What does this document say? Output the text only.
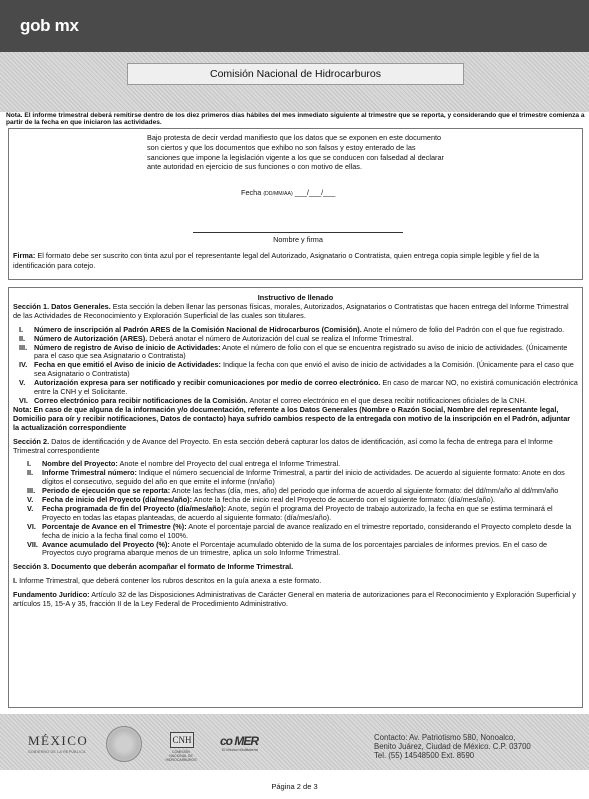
gob mx
Comisión Nacional de Hidrocarburos
Nota. El informe trimestral deberá remitirse dentro de los diez primeros días hábiles del mes inmediato siguiente al trimestre que se reporta, y considerando que el trimestre comienza a partir de la fecha en que iniciaron las actividades.
Bajo protesta de decir verdad manifiesto que los datos que se exponen en este documento son ciertos y que los documentos que exhibo no son falsos y estoy enterado de las sanciones que impone la legislación vigente a los que se conducen con falsedad al declarar ante autoridad en ejercicio de sus funciones o con motivo de ellas.
Fecha (DD/MM/AA) ___/___/___
Nombre y firma
Firma: El formato debe ser suscrito con tinta azul por el representante legal del Autorizado, Asignatario o Contratista, quien entrega copia simple legible y fiel de la identificación para cotejo.

Instructivo de llenado

Sección 1. Datos Generales. Esta sección la deben llenar las personas físicas, morales, Autorizados, Asignatarios o Contratistas que hacen entrega del Informe Trimestral de las Actividades de Reconocimiento y Exploración Superficial de las cuales son titulares.

I.	Número de inscripción al Padrón ARES de la Comisión Nacional de Hidrocarburos (Comisión). Anote el número de folio del Padrón con el que fue registrado.
II.	Número de Autorización (ARES). Deberá anotar el número de Autorización del cual se realiza el Informe Trimestral.
III. Número de registro de Aviso de inicio de Actividades: Anote el número de folio con el que se encuentra registrado su aviso de inicio de actividades. (Únicamente para el caso que sea Asignatario o Contratista)
IV. Fecha en que emitió el Aviso de inicio de Actividades: Indique la fecha con que envió el aviso de inicio de actividades a la Comisión. (Únicamente para el caso que sea Asignatario o Contratista)
V.	Autorización expresa para ser notificado y recibir comunicaciones por medio de correo electrónico. En caso de marcar NO, no existirá comunicación electrónica entre la CNH y el Solicitante.
VI. Correo electrónico para recibir notificaciones de la Comisión. Anotar el correo electrónico en el que desea recibir notificaciones oficiales de la CNH.

Nota: En caso de que alguna de la información y/o documentación, referente a los Datos Generales (Nombre o Razón Social, Nombre del representante legal, Domicilio para oír y recibir notificaciones, Datos de contacto) haya sufrido cambios respecto de la entregada con motivo de la inscripción en el Padrón, adjuntar la actualización correspondiente

Sección 2. Datos de identificación y de Avance del Proyecto. En esta sección deberá capturar los datos de identificación, así como la fecha de entrega para el Informe Trimestral correspondiente

I.	Nombre del Proyecto: Anote el nombre del Proyecto del cual entrega el Informe Trimestral.
II.	Informe Trimestral número: Indique el número secuencial de Informe Trimestral, a partir del inicio de actividades. De acuerdo al siguiente formato: Anote en dos dígitos el consecutivo, seguido del año en que emite el informe (nn/año)
III. Periodo de ejecución que se reporta: Anote las fechas (día, mes, año) del periodo que informa de acuerdo al siguiente formato: del dd/mm/año al dd/mm/año
V.	Fecha de inicio del Proyecto (día/mes/año): Anote la fecha de inicio real del Proyecto de acuerdo con el siguiente formato: (día/mes/año).
V.	Fecha programada de fin del Proyecto (día/mes/año): Anote, según el programa del Proyecto de trabajo autorizado, la fecha en que se estima terminará el Proyecto en todas las etapas planteadas, de acuerdo al siguiente formato: (día/mes/año).
VI. Porcentaje de Avance en el Trimestre (%): Anote el porcentaje parcial de avance realizado en el trimestre reportado, considerando el Proyecto completo desde la fecha de inicio a la fecha final como el 100%.
VII. Avance acumulado del Proyecto (%): Anote el Porcentaje acumulado obtenido de la suma de los porcentajes parciales de informes previos. En el caso de Proyectos cuyo programa abarque menos de un trimestre, aplica un solo Informe Trimestral.

Sección 3. Documento que deberán acompañar el formato de Informe Trimestral.

I. Informe Trimestral, que deberá contener los rubros descritos en la guía anexa a este formato.

Fundamento Jurídico: Artículo 32 de las Disposiciones Administrativas de Carácter General en materia de autorizaciones para el Reconocimiento y Exploración Superficial y artículos 15, 15-A y 35, fracción II de la Ley Federal de Procedimiento Administrativo.

MÉXICO
GOBIERNO DE LA REPÚBLICA
CNH
COMISIÓN NACIONAL DE HIDROCARBUROS
co MER
El Mexico Multilateral
Contacto: Av. Patriotismo 580, Nonoalco,
Benito Juárez, Ciudad de México. C.P. 03700
Tel. (55) 14548500 Ext. 8590
Página 2 de 3
